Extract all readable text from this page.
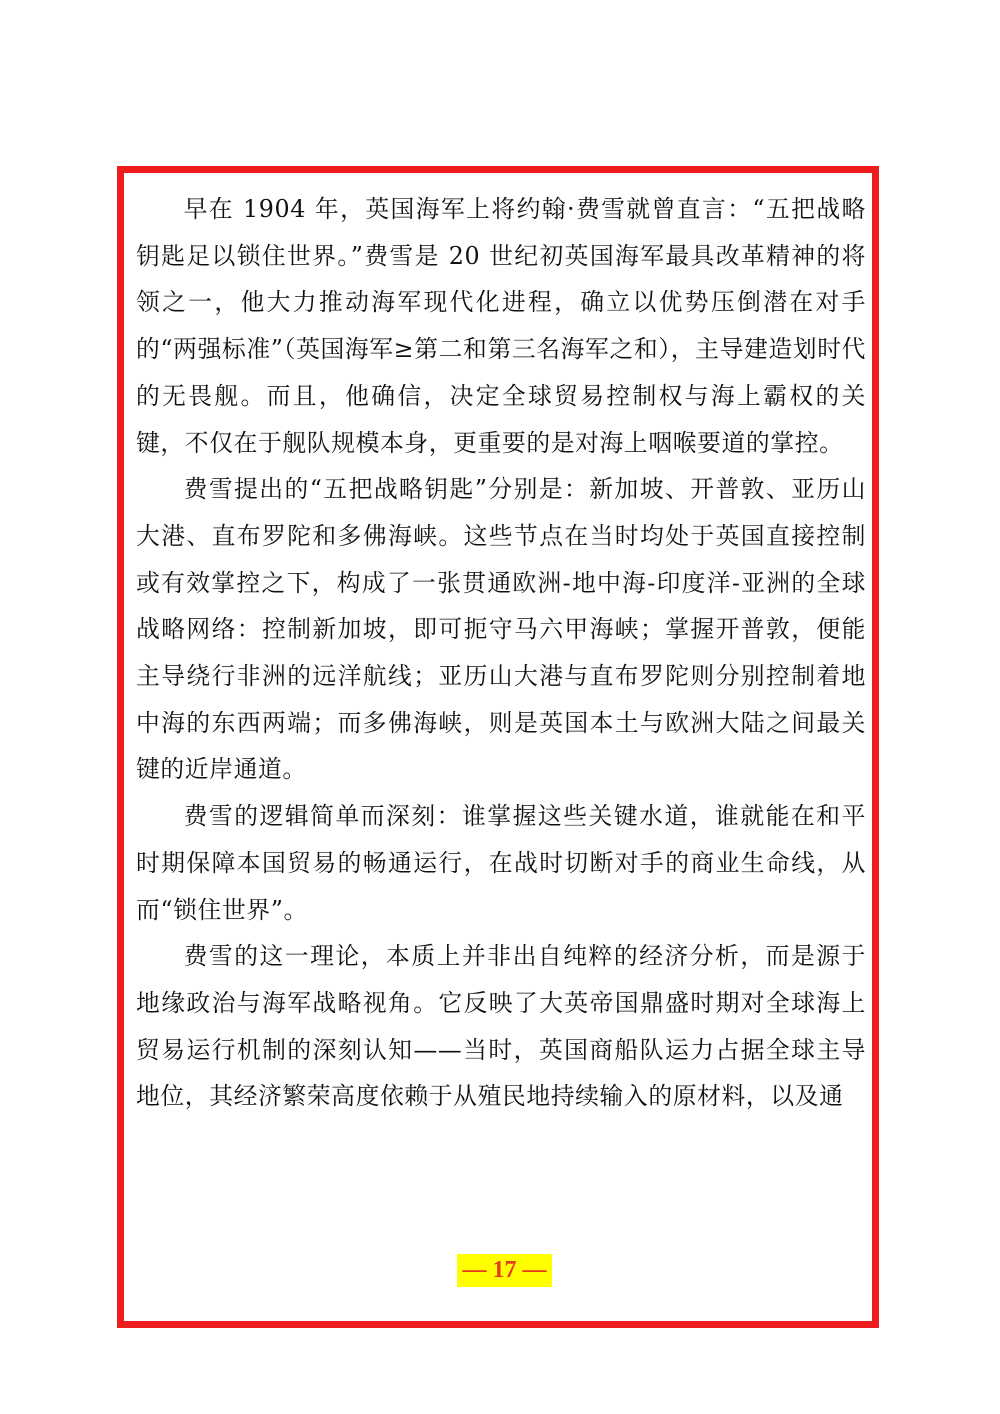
早在 1904 年，英国海军上将约翰·费雪就曾直言：“五把战略钥匙足以锁住世界。”费雪是 20 世纪初英国海军最具改革精神的将领之一，他大力推动海军现代化进程，确立以优势压倒潜在对手的“两强标准”（英国海军≥第二和第三名海军之和），主导建造划时代的无畏舰。而且，他确信，决定全球贸易控制权与海上霸权的关键，不仅在于舰队规模本身，更重要的是对海上咽喉要道的掌控。

费雪提出的“五把战略钥匙”分别是：新加坡、开普敦、亚历山大港、直布罗陀和多佛海峡。这些节点在当时均处于英国直接控制或有效掌控之下，构成了一张贯通欧洲-地中海-印度洋-亚洲的全球战略网络：控制新加坡，即可扼守马六甲海峡；掌握开普敦，便能主导绕行非洲的远洋航线；亚历山大港与直布罗陀则分别控制着地中海的东西两端；而多佛海峡，则是英国本土与欧洲大陆之间最关键的近岸通道。

费雪的逻辑简单而深刻：谁掌握这些关键水道，谁就能在和平时期保障本国贸易的畅通运行，在战时切断对手的商业生命线，从而“锁住世界”。

费雪的这一理论，本质上并非出自纯粹的经济分析，而是源于地缘政治与海军战略视角。它反映了大英帝国鼎盛时期对全球海上贸易运行机制的深刻认知——当时，英国商船队运力占据全球主导地位，其经济繁荣高度依赖于从殖民地持续输入的原材料，以及通

— 17 —
